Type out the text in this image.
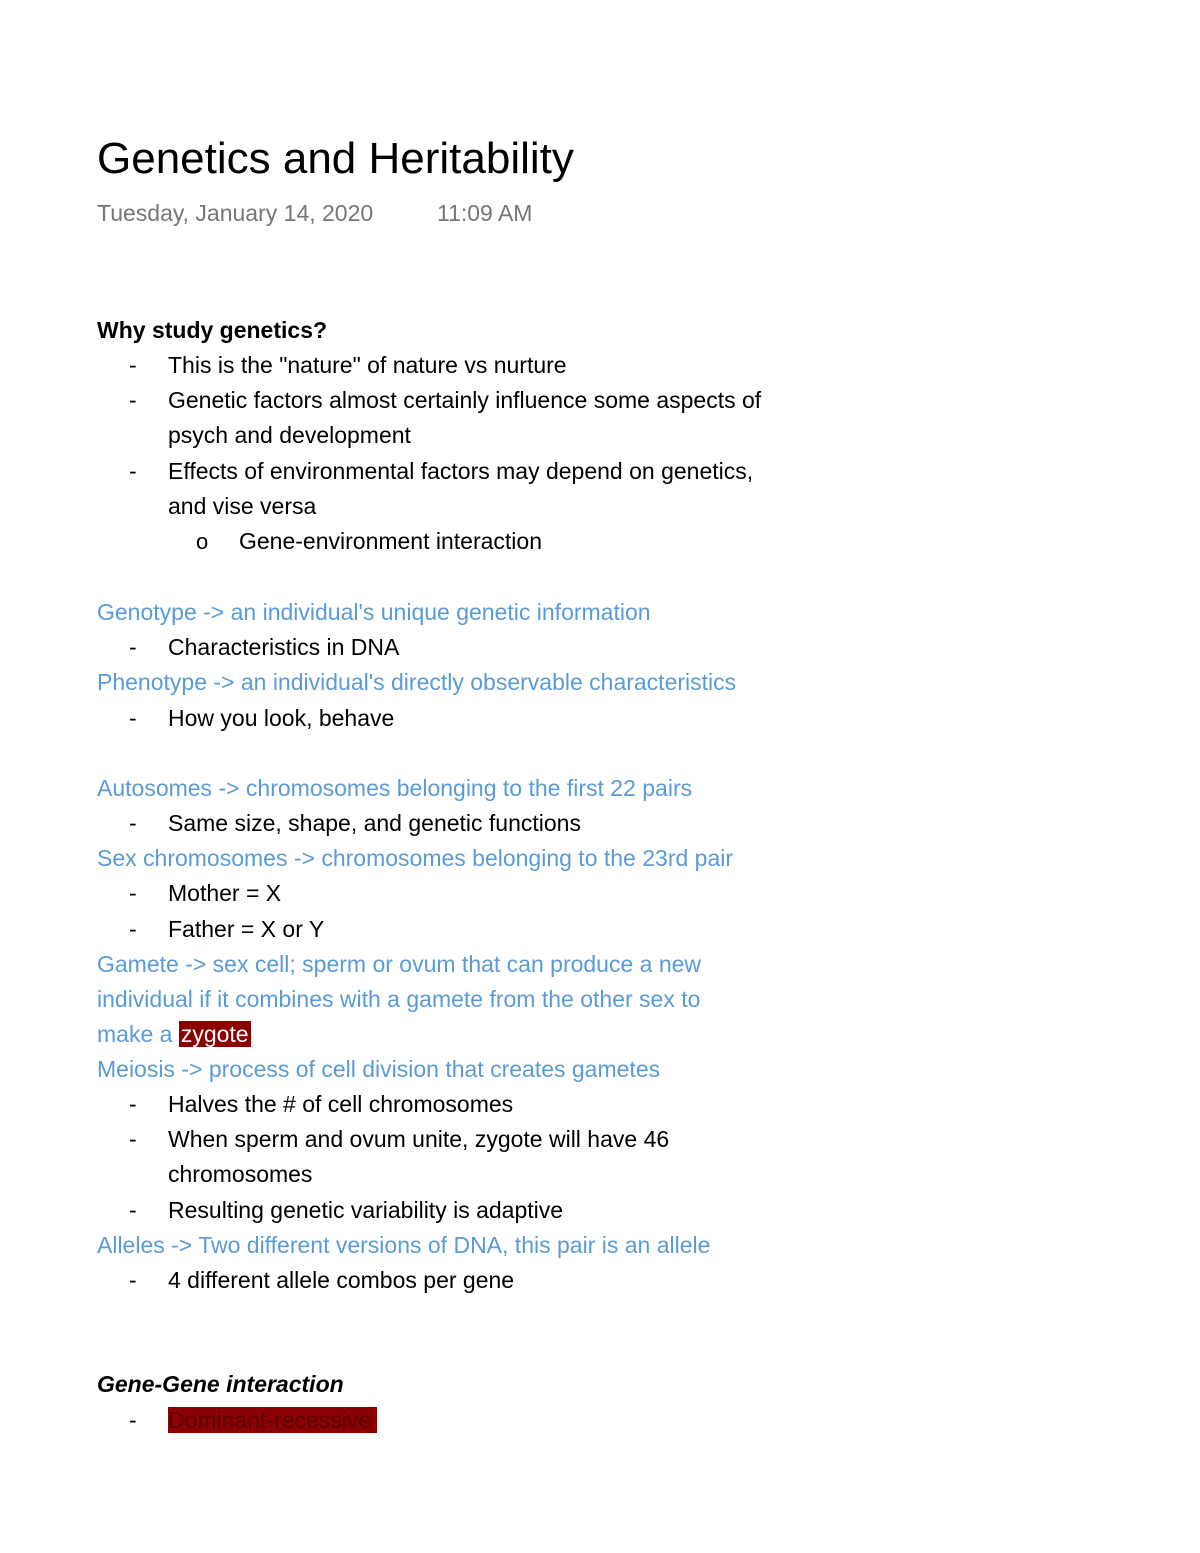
Genetics and Heritability
Tuesday, January 14, 2020	11:09 AM
Why study genetics?
- This is the "nature" of nature vs nurture
- Genetic factors almost certainly influence some aspects of
psych and development
- Effects of environmental factors may depend on genetics,
and vise versa
o Gene-environment interaction
Genotype -> an individual's unique genetic information
- Characteristics in DNA
Phenotype -> an individual's directly observable characteristics
- How you look, behave
Autosomes -> chromosomes belonging to the first 22 pairs
- Same size, shape, and genetic functions
Sex chromosomes -> chromosomes belonging to the 23rd pair
- Mother = X
- Father = X or Y
Gamete -> sex cell; sperm or ovum that can produce a new
individual if it combines with a gamete from the other sex to
make a zygote
Meiosis -> process of cell division that creates gametes
- Halves the # of cell chromosomes
- When sperm and ovum unite, zygote will have 46
chromosomes
- Resulting genetic variability is adaptive
Alleles -> Two different versions of DNA, this pair is an allele
- 4 different allele combos per gene
Gene-Gene interaction
- Dominant-recessive
